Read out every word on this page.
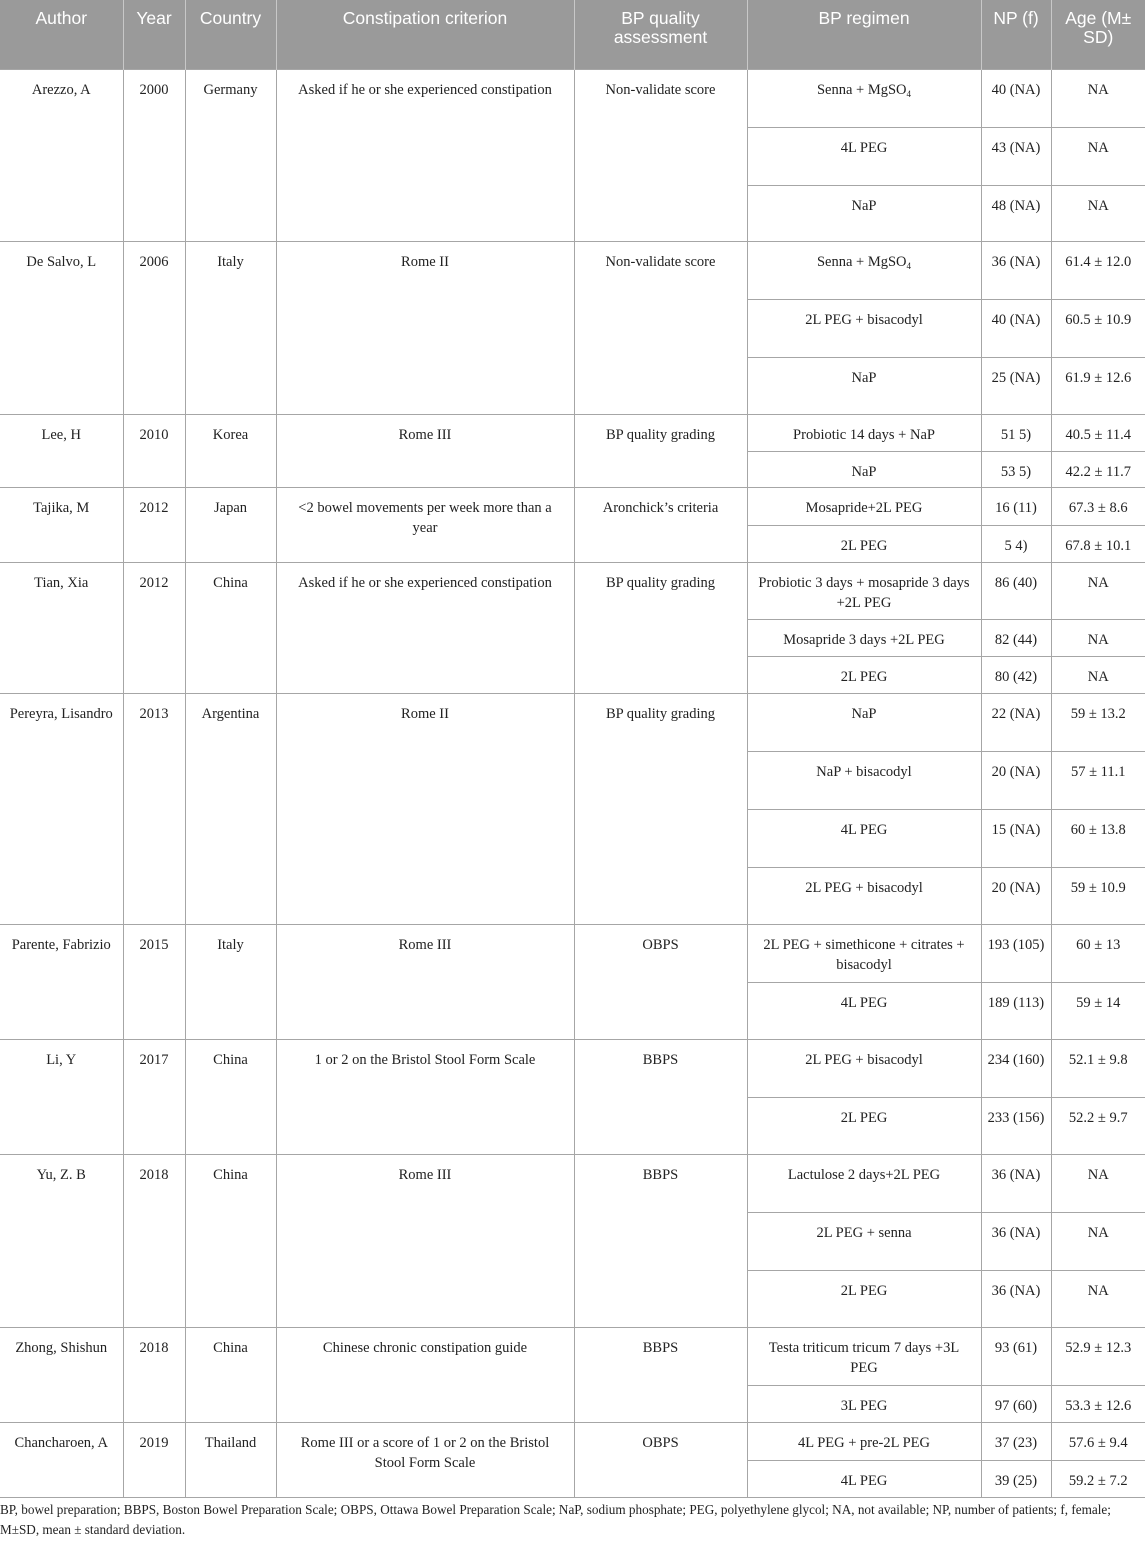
Author	Year	Country	Constipation criterion	BP quality assessment	BP regimen	NP (f)	Age (M± SD)
Arezzo, A	2000	Germany	Asked if he or she experienced constipation	Non-validate score	Senna + MgSO$_4$	40 (NA)	NA
					4L PEG	43 (NA)	NA
					NaP	48 (NA)	NA
De Salvo, L	2006	Italy	Rome II	Non-validate score	Senna + MgSO$_4$	36 (NA)	61.4 ± 12.0
					2L PEG + bisacodyl	40 (NA)	60.5 ± 10.9
					NaP	25 (NA)	61.9 ± 12.6
Lee, H	2010	Korea	Rome III	BP quality grading	Probiotic 14 days + NaP	51 5)	40.5 ± 11.4
					NaP	53 5)	42.2 ± 11.7
Tajika, M	2012	Japan	<2 bowel movements per week more than a year	Aronchick’s criteria	Mosapride+2L PEG	16 (11)	67.3 ± 8.6
					2L PEG	5 4)	67.8 ± 10.1
Tian, Xia	2012	China	Asked if he or she experienced constipation	BP quality grading	Probiotic 3 days + mosapride 3 days +2L PEG	86 (40)	NA
					Mosapride 3 days +2L PEG	82 (44)	NA
					2L PEG	80 (42)	NA
Pereyra, Lisandro	2013	Argentina	Rome II	BP quality grading	NaP	22 (NA)	59 ± 13.2
					NaP + bisacodyl	20 (NA)	57 ± 11.1
					4L PEG	15 (NA)	60 ± 13.8
					2L PEG + bisacodyl	20 (NA)	59 ± 10.9
Parente, Fabrizio	2015	Italy	Rome III	OBPS	2L PEG + simethicone + citrates + bisacodyl	193 (105)	60 ± 13
					4L PEG	189 (113)	59 ± 14
Li, Y	2017	China	1 or 2 on the Bristol Stool Form Scale	BBPS	2L PEG + bisacodyl	234 (160)	52.1 ± 9.8
					2L PEG	233 (156)	52.2 ± 9.7
Yu, Z. B	2018	China	Rome III	BBPS	Lactulose 2 days+2L PEG	36 (NA)	NA
					2L PEG + senna	36 (NA)	NA
					2L PEG	36 (NA)	NA
Zhong, Shishun	2018	China	Chinese chronic constipation guide	BBPS	Testa triticum tricum 7 days +3L PEG	93 (61)	52.9 ± 12.3
					3L PEG	97 (60)	53.3 ± 12.6
Chancharoen, A	2019	Thailand	Rome III or a score of 1 or 2 on the Bristol Stool Form Scale	OBPS	4L PEG + pre-2L PEG	37 (23)	57.6 ± 9.4
					4L PEG	39 (25)	59.2 ± 7.2

BP, bowel preparation; BBPS, Boston Bowel Preparation Scale; OBPS, Ottawa Bowel Preparation Scale; NaP, sodium phosphate; PEG, polyethylene glycol; NA, not available; NP, number of patients; f, female; M±SD, mean ± standard deviation.
